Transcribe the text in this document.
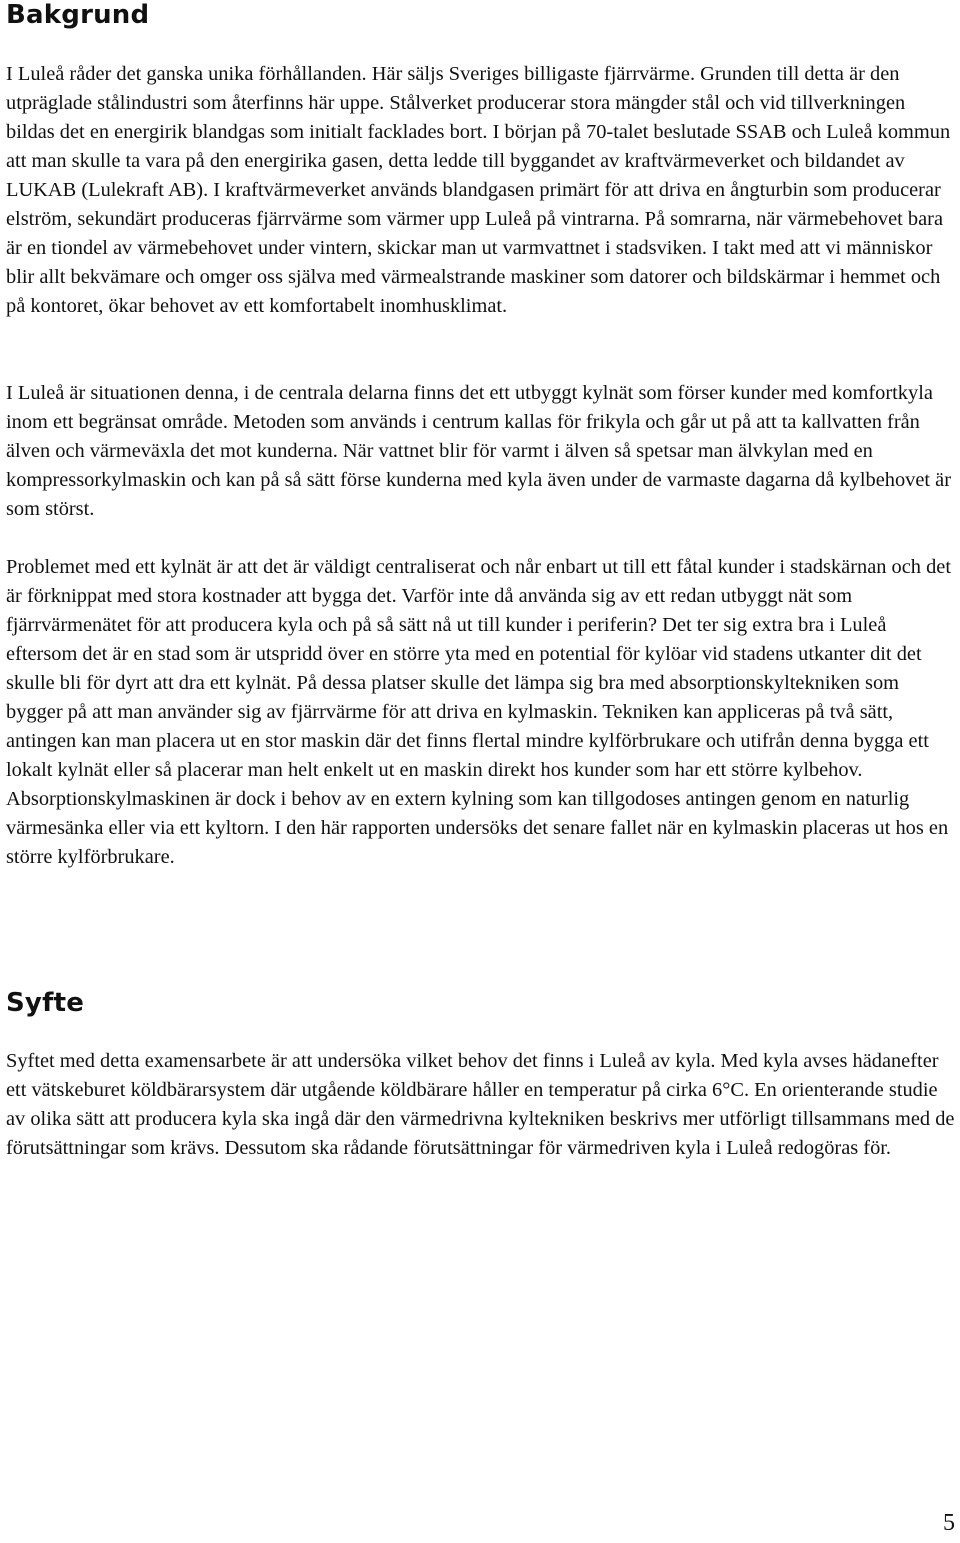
Bakgrund

I Luleå råder det ganska unika förhållanden. Här säljs Sveriges billigaste fjärrvärme. Grunden till detta är den utpräglade stålindustri som återfinns här uppe. Stålverket producerar stora mängder stål och vid tillverkningen bildas det en energirik blandgas som initialt facklades bort. I början på 70-talet beslutade SSAB och Luleå kommun att man skulle ta vara på den energirika gasen, detta ledde till byggandet av kraftvärmeverket och bildandet av LUKAB (Lulekraft AB). I kraftvärmeverket används blandgasen primärt för att driva en ångturbin som producerar elström, sekundärt produceras fjärrvärme som värmer upp Luleå på vintrarna. På somrarna, när värmebehovet bara är en tiondel av värmebehovet under vintern, skickar man ut varmvattnet i stadsviken. I takt med att vi människor blir allt bekvämare och omger oss själva med värmealstrande maskiner som datorer och bildskärmar i hemmet och på kontoret, ökar behovet av ett komfortabelt inomhusklimat.

I Luleå är situationen denna, i de centrala delarna finns det ett utbyggt kylnät som förser kunder med komfortkyla inom ett begränsat område. Metoden som används i centrum kallas för frikyla och går ut på att ta kallvatten från älven och värmeväxla det mot kunderna. När vattnet blir för varmt i älven så spetsar man älvkylan med en kompressorkylmaskin och kan på så sätt förse kunderna med kyla även under de varmaste dagarna då kylbehovet är som störst.

Problemet med ett kylnät är att det är väldigt centraliserat och når enbart ut till ett fåtal kunder i stadskärnan och det är förknippat med stora kostnader att bygga det. Varför inte då använda sig av ett redan utbyggt nät som fjärrvärmenätet för att producera kyla och på så sätt nå ut till kunder i periferin? Det ter sig extra bra i Luleå eftersom det är en stad som är utspridd över en större yta med en potential för kylöar vid stadens utkanter dit det skulle bli för dyrt att dra ett kylnät. På dessa platser skulle det lämpa sig bra med absorptionskyltekniken som bygger på att man använder sig av fjärrvärme för att driva en kylmaskin. Tekniken kan appliceras på två sätt, antingen kan man placera ut en stor maskin där det finns flertal mindre kylförbrukare och utifrån denna bygga ett lokalt kylnät eller så placerar man helt enkelt ut en maskin direkt hos kunder som har ett större kylbehov. Absorptionskylmaskinen är dock i behov av en extern kylning som kan tillgodoses antingen genom en naturlig värmesänka eller via ett kyltorn. I den här rapporten undersöks det senare fallet när en kylmaskin placeras ut hos en större kylförbrukare.

Syfte

Syftet med detta examensarbete är att undersöka vilket behov det finns i Luleå av kyla. Med kyla avses hädanefter ett vätskeburet köldbärarsystem där utgående köldbärare håller en temperatur på cirka 6°C. En orienterande studie av olika sätt att producera kyla ska ingå där den värmedrivna kyltekniken beskrivs mer utförligt tillsammans med de förutsättningar som krävs. Dessutom ska rådande förutsättningar för värmedriven kyla i Luleå redogöras för.

5
